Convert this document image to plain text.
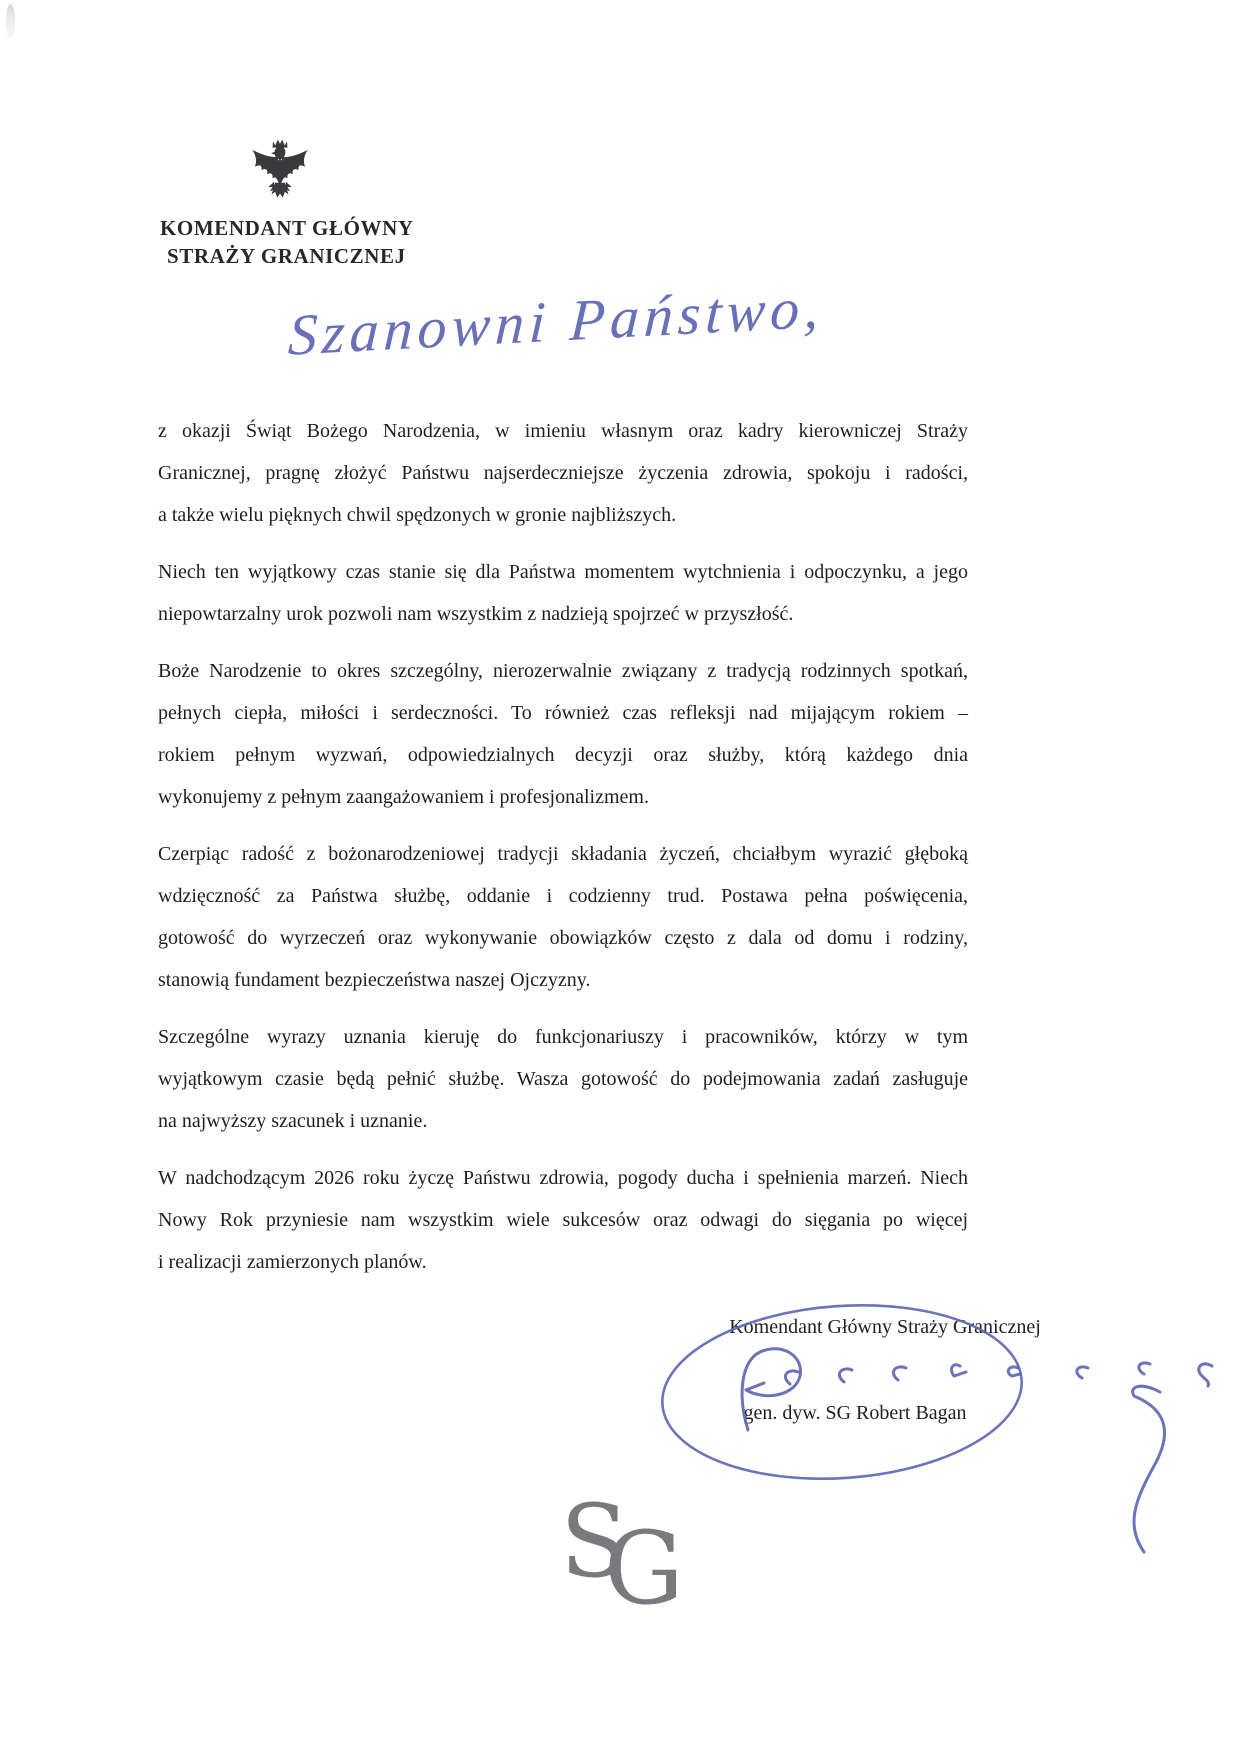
KOMENDANT GŁÓWNY
STRAŻY GRANICZNEJ
Szanowni Państwo,
z okazji Świąt Bożego Narodzenia, w imieniu własnym oraz kadry kierowniczej Straży
Granicznej, pragnę złożyć Państwu najserdeczniejsze życzenia zdrowia, spokoju i radości,
a także wielu pięknych chwil spędzonych w gronie najbliższych.
Niech ten wyjątkowy czas stanie się dla Państwa momentem wytchnienia i odpoczynku, a jego
niepowtarzalny urok pozwoli nam wszystkim z nadzieją spojrzeć w przyszłość.
Boże Narodzenie to okres szczególny, nierozerwalnie związany z tradycją rodzinnych spotkań,
pełnych ciepła, miłości i serdeczności. To również czas refleksji nad mijającym rokiem –
rokiem pełnym wyzwań, odpowiedzialnych decyzji oraz służby, którą każdego dnia
wykonujemy z pełnym zaangażowaniem i profesjonalizmem.
Czerpiąc radość z bożonarodzeniowej tradycji składania życzeń, chciałbym wyrazić głęboką
wdzięczność za Państwa służbę, oddanie i codzienny trud. Postawa pełna poświęcenia,
gotowość do wyrzeczeń oraz wykonywanie obowiązków często z dala od domu i rodziny,
stanowią fundament bezpieczeństwa naszej Ojczyzny.
Szczególne wyrazy uznania kieruję do funkcjonariuszy i pracowników, którzy w tym
wyjątkowym czasie będą pełnić służbę. Wasza gotowość do podejmowania zadań zasługuje
na najwyższy szacunek i uznanie.
W nadchodzącym 2026 roku życzę Państwu zdrowia, pogody ducha i spełnienia marzeń. Niech
Nowy Rok przyniesie nam wszystkim wiele sukcesów oraz odwagi do sięgania po więcej
i realizacji zamierzonych planów.
Komendant Główny Straży Granicznej
gen. dyw. SG Robert Bagan
S
G
